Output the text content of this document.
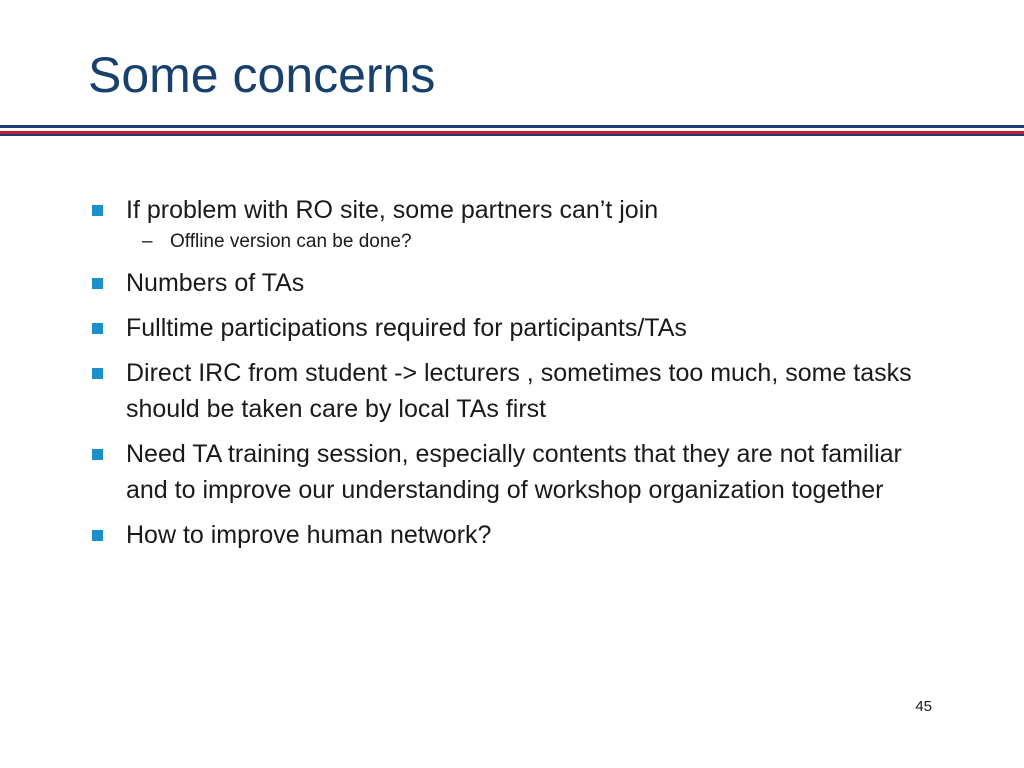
Some concerns
If problem with RO site, some partners can’t join
– Offline version can be done?
Numbers of TAs
Fulltime participations required for participants/TAs
Direct IRC from student -> lecturers , sometimes too much, some tasks should be taken care by local TAs first
Need TA training session, especially contents that they are not familiar and to improve our understanding of workshop organization together
How to improve human network?
45
